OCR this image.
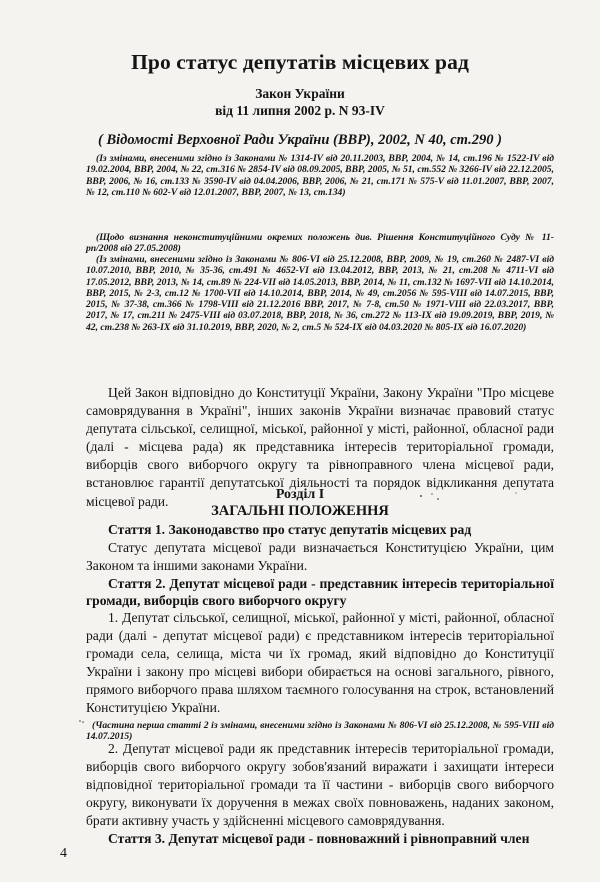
Про статус депутатів місцевих рад
Закон України
від 11 липня 2002 р. N 93-IV
( Відомості Верховної Ради України (ВВР), 2002, N 40, ст.290 )

(Із змінами, внесеними згідно із Законами № 1314-IV від 20.11.2003, ВВР, 2004, № 14, ст.196 № 1522-IV від 19.02.2004, ВВР, 2004, № 22, ст.316 № 2854-IV від 08.09.2005, ВВР, 2005, № 51, ст.552 № 3266-IV від 22.12.2005, ВВР, 2006, № 16, ст.133 № 3590-IV від 04.04.2006, ВВР, 2006, № 21, ст.171 № 575-V від 11.01.2007, ВВР, 2007, № 12, ст.110 № 602-V від 12.01.2007, ВВР, 2007, № 13, ст.134)

(Щодо визнання неконституційними окремих положень див. Рішення Конституційного Суду № 11-рп/2008 від 27.05.2008)

(Із змінами, внесеними згідно із Законами № 806-VI від 25.12.2008, ВВР, 2009, № 19, ст.260 № 2487-VI від 10.07.2010, ВВР, 2010, № 35-36, ст.491 № 4652-VI від 13.04.2012, ВВР, 2013, № 21, ст.208 № 4711-VI від 17.05.2012, ВВР, 2013, № 14, ст.89 № 224-VII від 14.05.2013, ВВР, 2014, № 11, ст.132 № 1697-VII від 14.10.2014, ВВР, 2015, № 2-3, ст.12 № 1700-VII від 14.10.2014, ВВР, 2014, № 49, ст.2056 № 595-VIII від 14.07.2015, ВВР, 2015, № 37-38, ст.366 № 1798-VIII від 21.12.2016 ВВР, 2017, № 7-8, ст.50 № 1971-VIII від 22.03.2017, ВВР, 2017, № 17, ст.211 № 2475-VIII від 03.07.2018, ВВР, 2018, № 36, ст.272 № 113-IX від 19.09.2019, ВВР, 2019, № 42, ст.238 № 263-IX від 31.10.2019, ВВР, 2020, № 2, ст.5 № 524-IX від 04.03.2020 № 805-IX від 16.07.2020)

Цей Закон відповідно до Конституції України, Закону України "Про місцеве самоврядування в Україні", інших законів України визначає правовий статус депутата сільської, селищної, міської, районної у місті, районної, обласної ради (далі - місцева рада) як представника інтересів територіальної громади, виборців свого виборчого округу та рівноправного члена місцевої ради, встановлює гарантії депутатської діяльності та порядок відкликання депутата місцевої ради.	Розділ I

ЗАГАЛЬНІ ПОЛОЖЕННЯ

Стаття 1. Законодавство про статус депутатів місцевих рад

Статус депутата місцевої ради визначається Конституцією України, цим Законом та іншими законами України.

Стаття 2. Депутат місцевої ради - представник інтересів територіальної громади, виборців свого виборчого округу

1. Депутат сільської, селищної, міської, районної у місті, районної, обласної ради (далі - депутат місцевої ради) є представником інтересів територіальної громади села, селища, міста чи їх громад, який відповідно до Конституції України і закону про місцеві вибори обирається на основі загального, рівного, прямого виборчого права шляхом таємного голосування на строк, встановлений Конституцією України.

(Частина перша статті 2 із змінами, внесеними згідно із Законами № 806-VI від 25.12.2008, № 595-VIII від 14.07.2015)

2. Депутат місцевої ради як представник інтересів територіальної громади, виборців свого виборчого округу зобов'язаний виражати і захищати інтереси відповідної територіальної громади та її частини - виборців свого виборчого округу, виконувати їх доручення в межах своїх повноважень, наданих законом, брати активну участь у здійсненні місцевого самоврядування.

Стаття 3. Депутат місцевої ради - повноважний і рівноправний член

4
